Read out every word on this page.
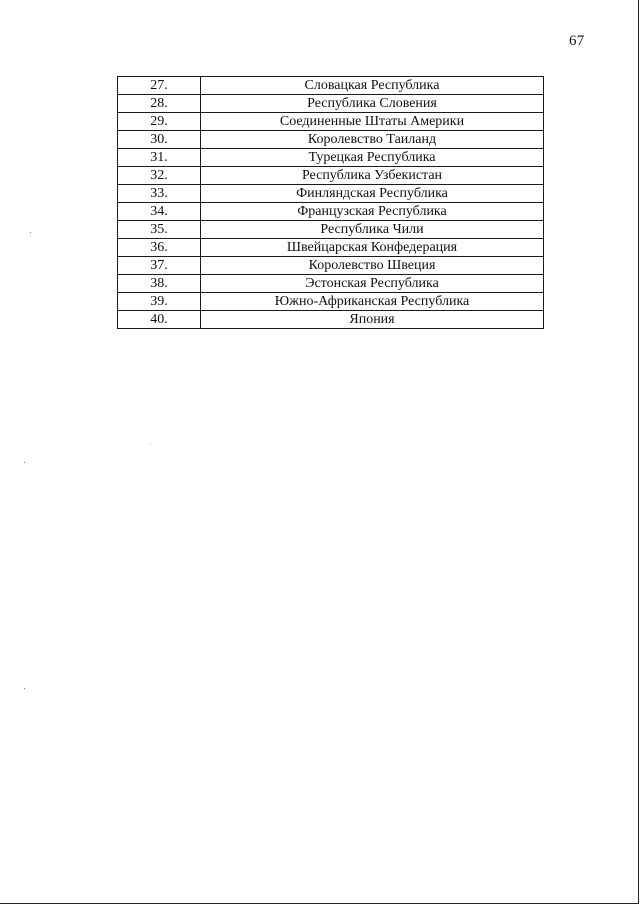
67
27.	Словацкая Республика
28.	Республика Словения
29.	Соединенные Штаты Америки
30.	Королевство Таиланд
31.	Турецкая Республика
32.	Республика Узбекистан
33.	Финляндская Республика
34.	Французская Республика
35.	Республика Чили
36.	Швейцарская Конфедерация
37.	Королевство Швеция
38.	Эстонская Республика
39.	Южно-Африканская Республика
40.	Япония
